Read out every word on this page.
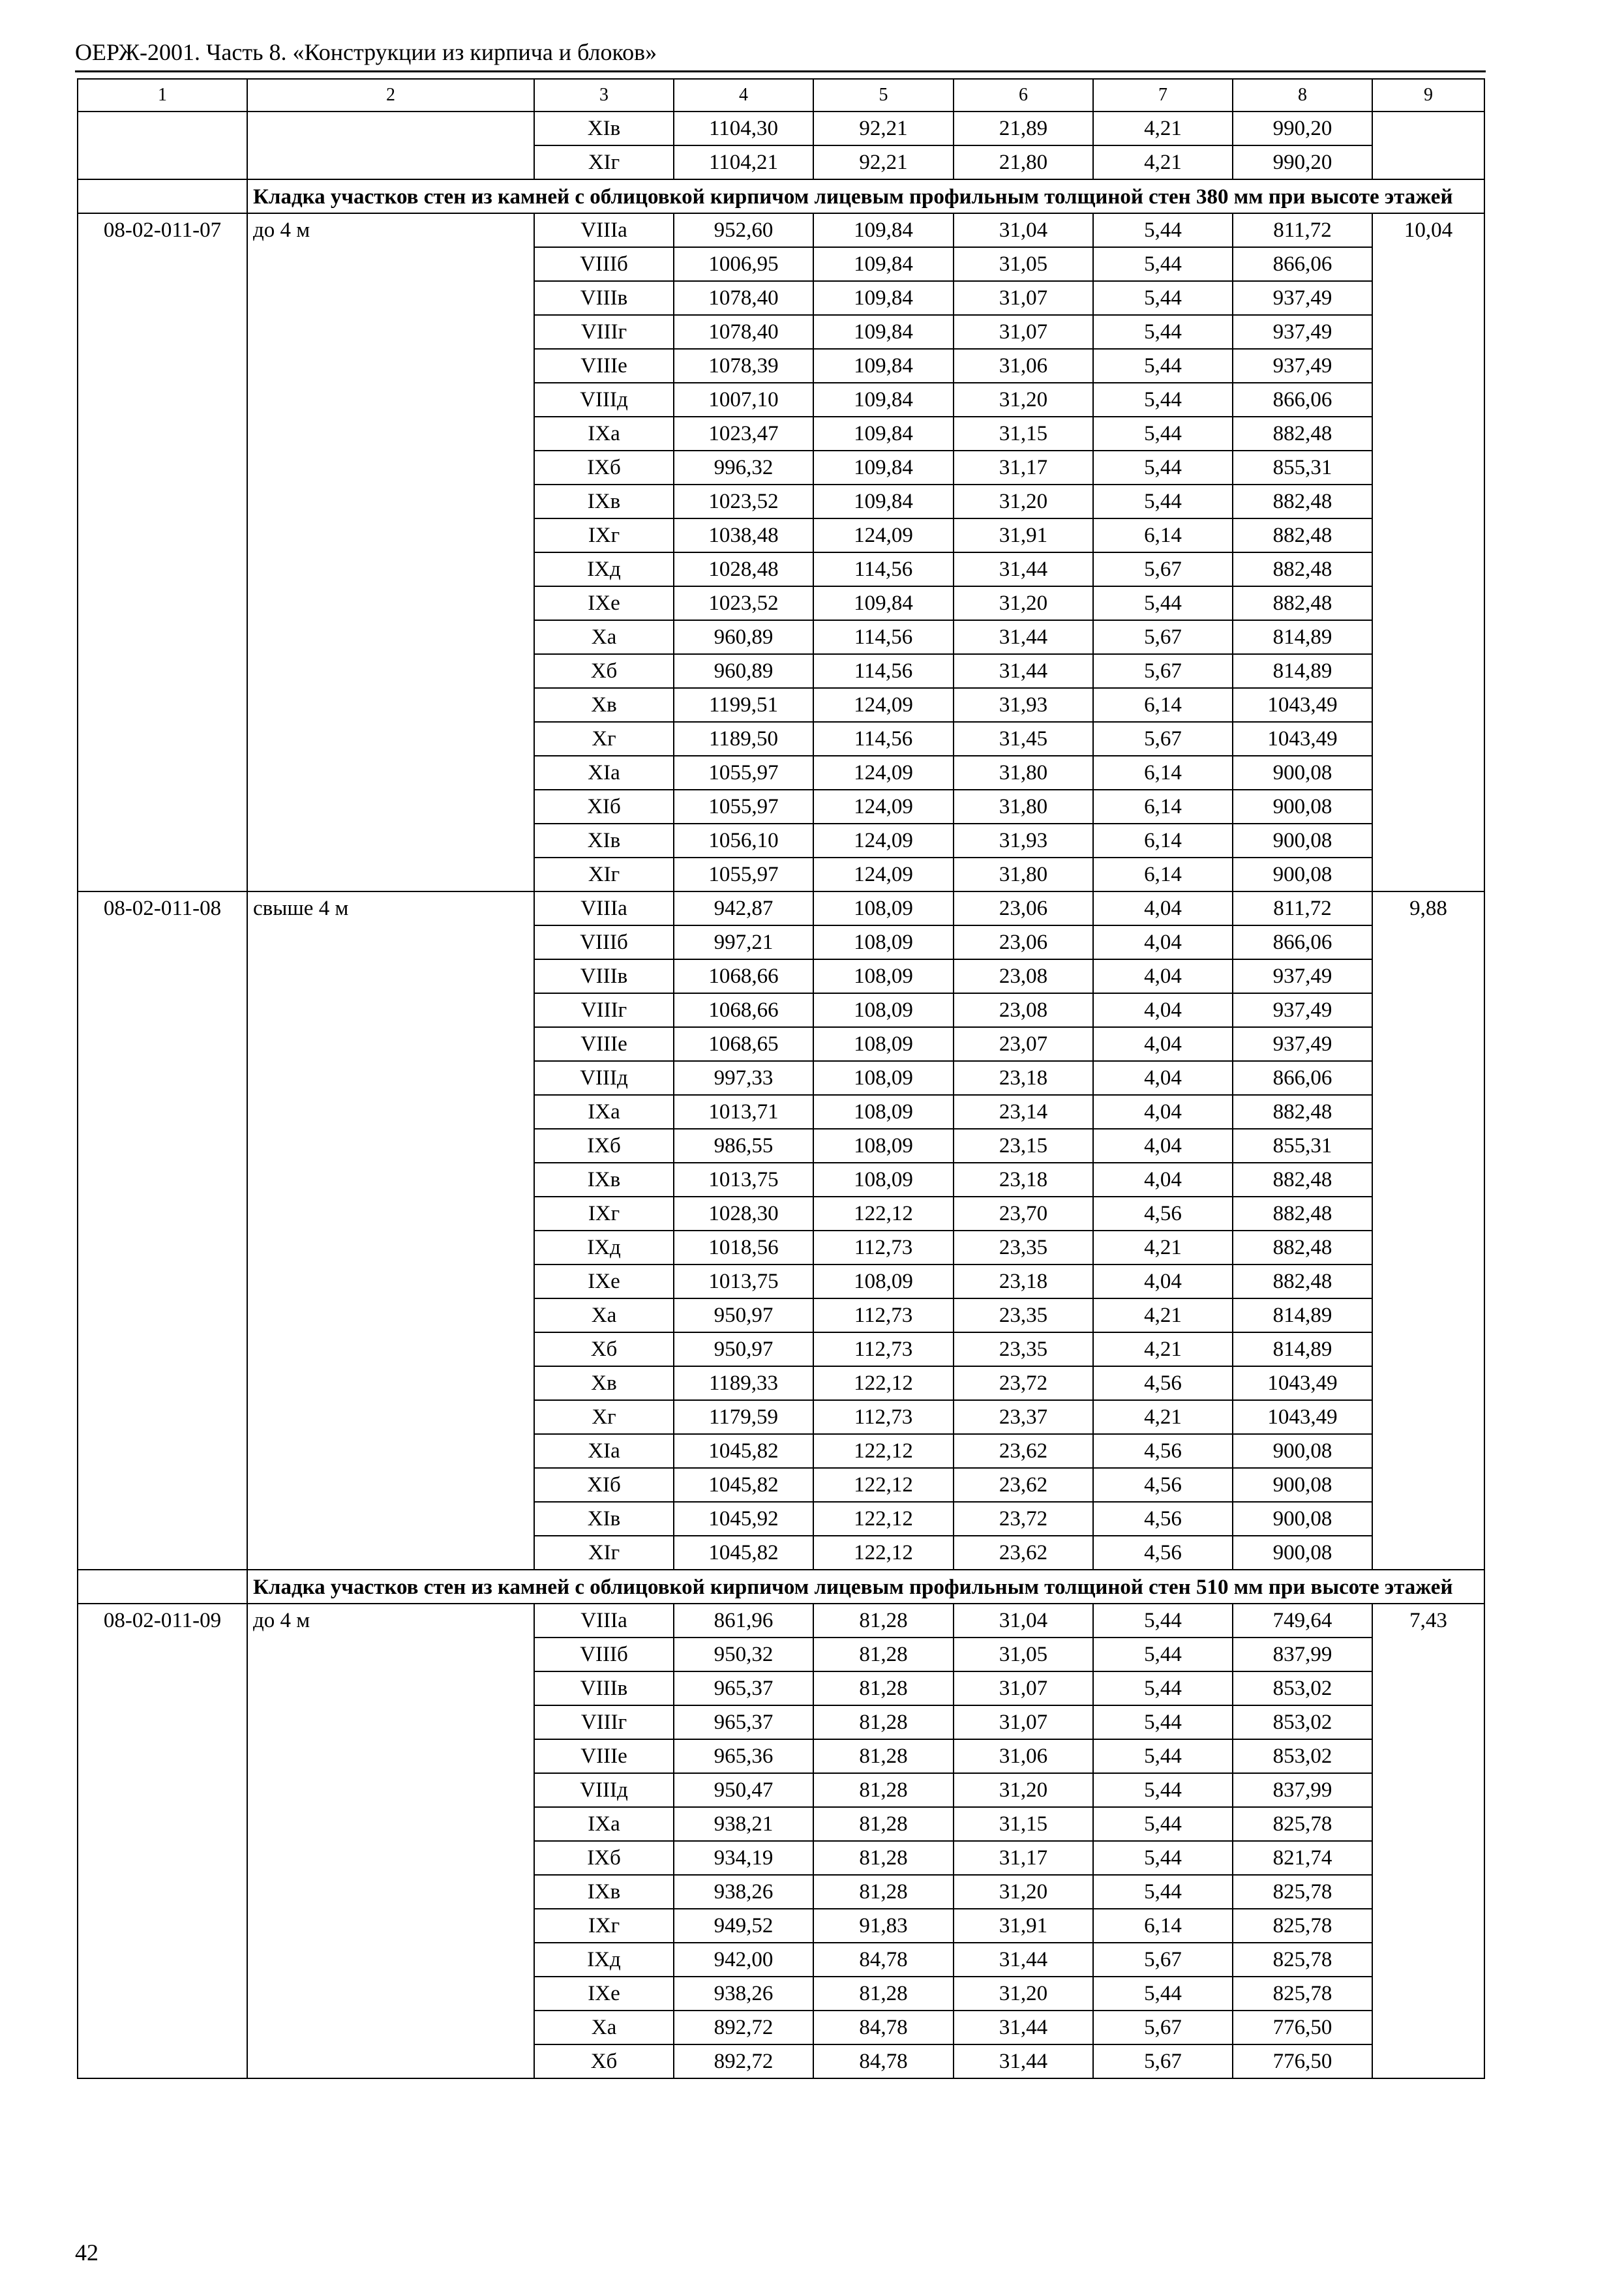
ОЕРЖ-2001. Часть 8. «Конструкции из кирпича и блоков»
1	2	3	4	5	6	7	8	9
		XIв	1104,30	92,21	21,89	4,21	990,20	
		XIг	1104,21	92,21	21,80	4,21	990,20	
	Кладка участков стен из камней с облицовкой кирпичом лицевым профильным толщиной стен 380 мм при высоте этажей							
08-02-011-07	до 4 м	VIIIа	952,60	109,84	31,04	5,44	811,72	10,04
		VIIIб	1006,95	109,84	31,05	5,44	866,06	
		VIIIв	1078,40	109,84	31,07	5,44	937,49	
		VIIIг	1078,40	109,84	31,07	5,44	937,49	
		VIIIе	1078,39	109,84	31,06	5,44	937,49	
		VIIIд	1007,10	109,84	31,20	5,44	866,06	
		IXа	1023,47	109,84	31,15	5,44	882,48	
		IXб	996,32	109,84	31,17	5,44	855,31	
		IXв	1023,52	109,84	31,20	5,44	882,48	
		IXг	1038,48	124,09	31,91	6,14	882,48	
		IXд	1028,48	114,56	31,44	5,67	882,48	
		IXе	1023,52	109,84	31,20	5,44	882,48	
		Xа	960,89	114,56	31,44	5,67	814,89	
		Xб	960,89	114,56	31,44	5,67	814,89	
		Xв	1199,51	124,09	31,93	6,14	1043,49	
		Xг	1189,50	114,56	31,45	5,67	1043,49	
		XIа	1055,97	124,09	31,80	6,14	900,08	
		XIб	1055,97	124,09	31,80	6,14	900,08	
		XIв	1056,10	124,09	31,93	6,14	900,08	
		XIг	1055,97	124,09	31,80	6,14	900,08	
08-02-011-08	свыше 4 м	VIIIа	942,87	108,09	23,06	4,04	811,72	9,88
		VIIIб	997,21	108,09	23,06	4,04	866,06	
		VIIIв	1068,66	108,09	23,08	4,04	937,49	
		VIIIг	1068,66	108,09	23,08	4,04	937,49	
		VIIIе	1068,65	108,09	23,07	4,04	937,49	
		VIIIд	997,33	108,09	23,18	4,04	866,06	
		IXа	1013,71	108,09	23,14	4,04	882,48	
		IXб	986,55	108,09	23,15	4,04	855,31	
		IXв	1013,75	108,09	23,18	4,04	882,48	
		IXг	1028,30	122,12	23,70	4,56	882,48	
		IXд	1018,56	112,73	23,35	4,21	882,48	
		IXе	1013,75	108,09	23,18	4,04	882,48	
		Xа	950,97	112,73	23,35	4,21	814,89	
		Xб	950,97	112,73	23,35	4,21	814,89	
		Xв	1189,33	122,12	23,72	4,56	1043,49	
		Xг	1179,59	112,73	23,37	4,21	1043,49	
		XIа	1045,82	122,12	23,62	4,56	900,08	
		XIб	1045,82	122,12	23,62	4,56	900,08	
		XIв	1045,92	122,12	23,72	4,56	900,08	
		XIг	1045,82	122,12	23,62	4,56	900,08	
	Кладка участков стен из камней с облицовкой кирпичом лицевым профильным толщиной стен 510 мм при высоте этажей							
08-02-011-09	до 4 м	VIIIа	861,96	81,28	31,04	5,44	749,64	7,43
		VIIIб	950,32	81,28	31,05	5,44	837,99	
		VIIIв	965,37	81,28	31,07	5,44	853,02	
		VIIIг	965,37	81,28	31,07	5,44	853,02	
		VIIIе	965,36	81,28	31,06	5,44	853,02	
		VIIIд	950,47	81,28	31,20	5,44	837,99	
		IXа	938,21	81,28	31,15	5,44	825,78	
		IXб	934,19	81,28	31,17	5,44	821,74	
		IXв	938,26	81,28	31,20	5,44	825,78	
		IXг	949,52	91,83	31,91	6,14	825,78	
		IXд	942,00	84,78	31,44	5,67	825,78	
		IXе	938,26	81,28	31,20	5,44	825,78	
		Xа	892,72	84,78	31,44	5,67	776,50	
		Xб	892,72	84,78	31,44	5,67	776,50	
42
